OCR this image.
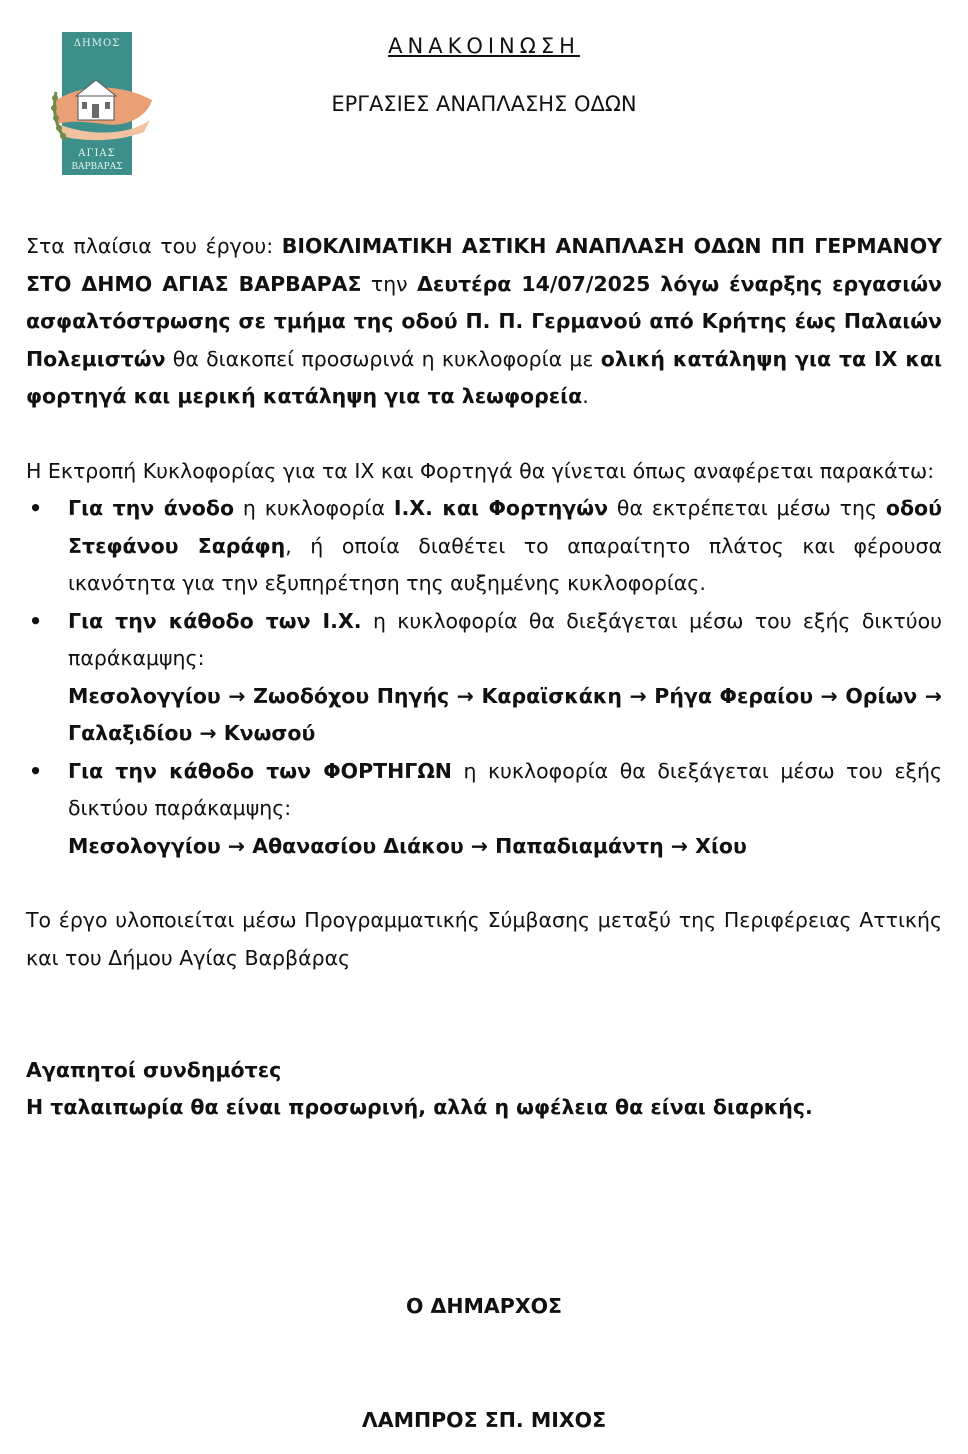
ΔΗΜΟΣ
ΑΓΙΑΣ
ΒΑΡΒΑΡΑΣ
ΑΝΑΚΟΙΝΩΣΗ
ΕΡΓΑΣΙΕΣ ΑΝΑΠΛΑΣΗΣ ΟΔΩΝ

Στα πλαίσια του έργου: ΒΙΟΚΛΙΜΑΤΙΚΗ ΑΣΤΙΚΗ ΑΝΑΠΛΑΣΗ ΟΔΩΝ ΠΠ ΓΕΡΜΑΝΟΥ ΣΤΟ ΔΗΜΟ ΑΓΙΑΣ ΒΑΡΒΑΡΑΣ την Δευτέρα 14/07/2025 λόγω έναρξης εργασιών ασφαλτόστρωσης σε τμήμα της οδού Π. Π. Γερμανού από Κρήτης έως Παλαιών Πολεμιστών θα διακοπεί προσωρινά η κυκλοφορία με ολική κατάληψη για τα ΙΧ και φορτηγά και μερική κατάληψη για τα λεωφορεία.

Η Εκτροπή Κυκλοφορίας για τα ΙΧ και Φορτηγά θα γίνεται όπως αναφέρεται παρακάτω:

• Για την άνοδο η κυκλοφορία Ι.Χ. και Φορτηγών θα εκτρέπεται μέσω της οδού Στεφάνου Σαράφη, ή οποία διαθέτει το απαραίτητο πλάτος και φέρουσα ικανότητα για την εξυπηρέτηση της αυξημένης κυκλοφορίας.
• Για την κάθοδο των Ι.Χ. η κυκλοφορία θα διεξάγεται μέσω του εξής δικτύου παράκαμψης:
Μεσολογγίου → Ζωοδόχου Πηγής → Καραϊσκάκη → Ρήγα Φεραίου → Ορίων → Γαλαξιδίου → Κνωσού
• Για την κάθοδο των ΦΟΡΤΗΓΩΝ η κυκλοφορία θα διεξάγεται μέσω του εξής δικτύου παράκαμψης:
Μεσολογγίου → Αθανασίου Διάκου → Παπαδιαμάντη → Χίου

Το έργο υλοποιείται μέσω Προγραμματικής Σύμβασης μεταξύ της Περιφέρειας Αττικής και του Δήμου Αγίας Βαρβάρας

Αγαπητοί συνδημότες
Η ταλαιπωρία θα είναι προσωρινή, αλλά η ωφέλεια θα είναι διαρκής.
Ο ΔΗΜΑΡΧΟΣ
ΛΑΜΠΡΟΣ ΣΠ. ΜΙΧΟΣ
